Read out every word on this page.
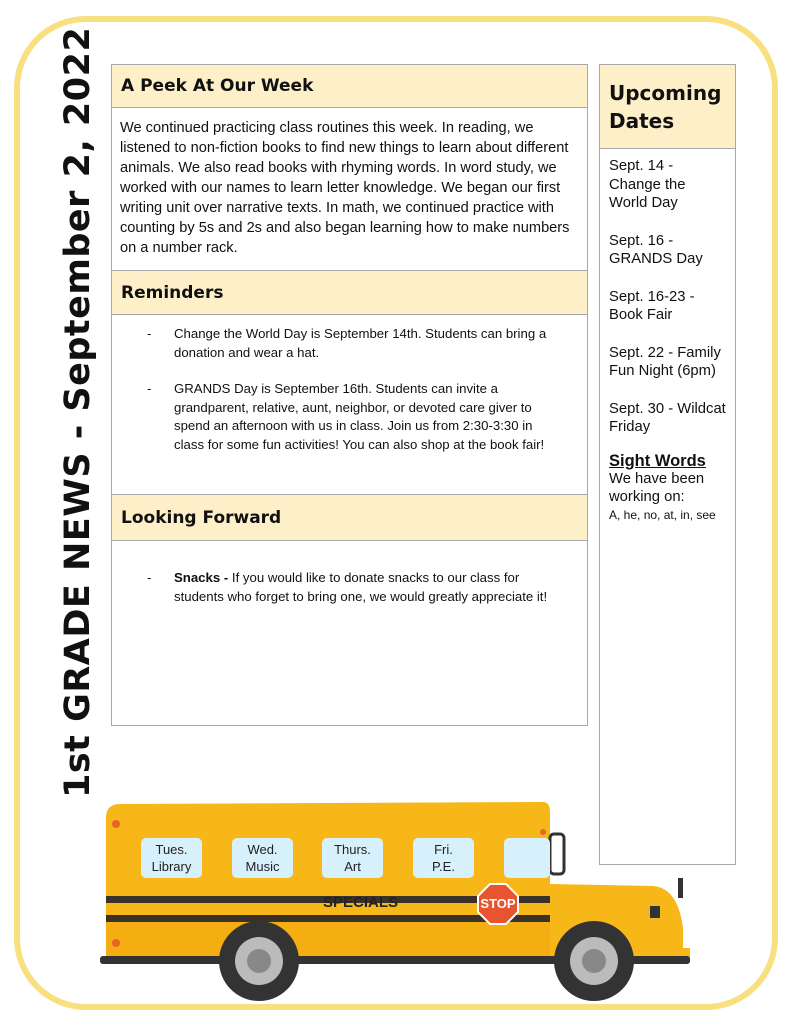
1st GRADE NEWS - September 2, 2022	A Peek At Our Week

We continued practicing class routines this week. In reading, we listened to non-fiction books to find new things to learn about different animals. We also read books with rhyming words. In word study, we worked with our names to learn letter knowledge. We began our first writing unit over narrative texts. In math, we continued practice with counting by 5s and 2s and also began learning how to make numbers on a number rack.

Reminders
- Change the World Day is September 14th. Students can bring a donation and wear a hat.
- GRANDS Day is September 16th. Students can invite a grandparent, relative, aunt, neighbor, or devoted care giver to spend an afternoon with us in class. Join us from 2:30-3:30 in class for some fun activities! You can also shop at the book fair!
Looking Forward
- Snacks - If you would like to donate snacks to our class for students who forget to bring one, we would greatly appreciate it!
Upcoming Dates
Sept. 14 - Change the World Day
Sept. 16 - GRANDS Day
Sept. 16-23 - Book Fair
Sept. 22 - Family Fun Night (6pm)
Sept. 30 - Wildcat Friday
Sight Words
We have been working on:
A, he, no, at, in, see
Tues.
Library
Wed.
Music
Thurs.
Art
Fri.
P.E.
SPECIALS	STOP
